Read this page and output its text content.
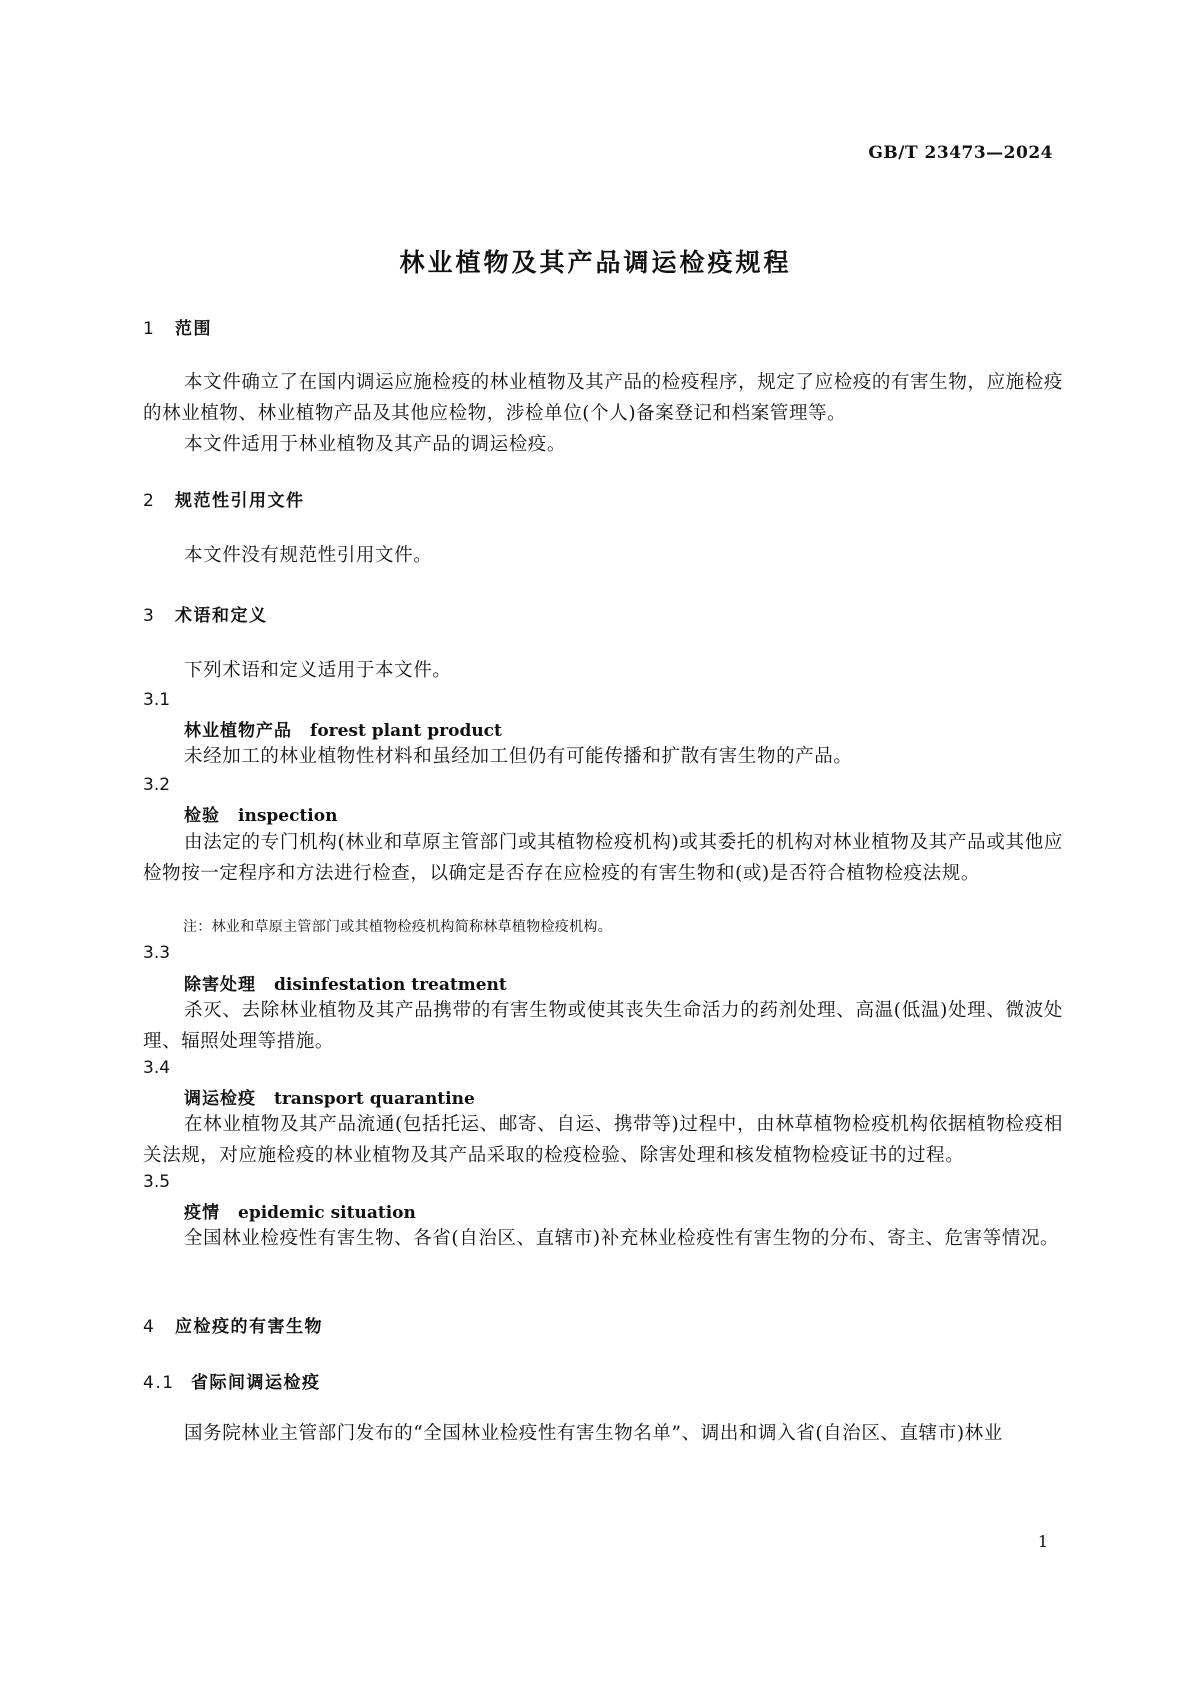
GB/T 23473—2024
林业植物及其产品调运检疫规程
1 范围

本文件确立了在国内调运应施检疫的林业植物及其产品的检疫程序，规定了应检疫的有害生物，应施检疫的林业植物、林业植物产品及其他应检物，涉检单位(个人)备案登记和档案管理等。

本文件适用于林业植物及其产品的调运检疫。

2 规范性引用文件

本文件没有规范性引用文件。

3 术语和定义

下列术语和定义适用于本文件。

3.1
林业植物产品 forest plant product

未经加工的林业植物性材料和虽经加工但仍有可能传播和扩散有害生物的产品。

3.2
检验 inspection

由法定的专门机构(林业和草原主管部门或其植物检疫机构)或其委托的机构对林业植物及其产品或其他应检物按一定程序和方法进行检查，以确定是否存在应检疫的有害生物和(或)是否符合植物检疫法规。

注：林业和草原主管部门或其植物检疫机构简称林草植物检疫机构。
3.3
除害处理 disinfestation treatment

杀灭、去除林业植物及其产品携带的有害生物或使其丧失生命活力的药剂处理、高温(低温)处理、微波处理、辐照处理等措施。

3.4
调运检疫 transport quarantine

在林业植物及其产品流通(包括托运、邮寄、自运、携带等)过程中，由林草植物检疫机构依据植物检疫相关法规，对应施检疫的林业植物及其产品采取的检疫检验、除害处理和核发植物检疫证书的过程。

3.5
疫情 epidemic situation

全国林业检疫性有害生物、各省(自治区、直辖市)补充林业检疫性有害生物的分布、寄主、危害等情况。

4 应检疫的有害生物
4.1 省际间调运检疫

国务院林业主管部门发布的“全国林业检疫性有害生物名单”、调出和调入省(自治区、直辖市)林业

1
